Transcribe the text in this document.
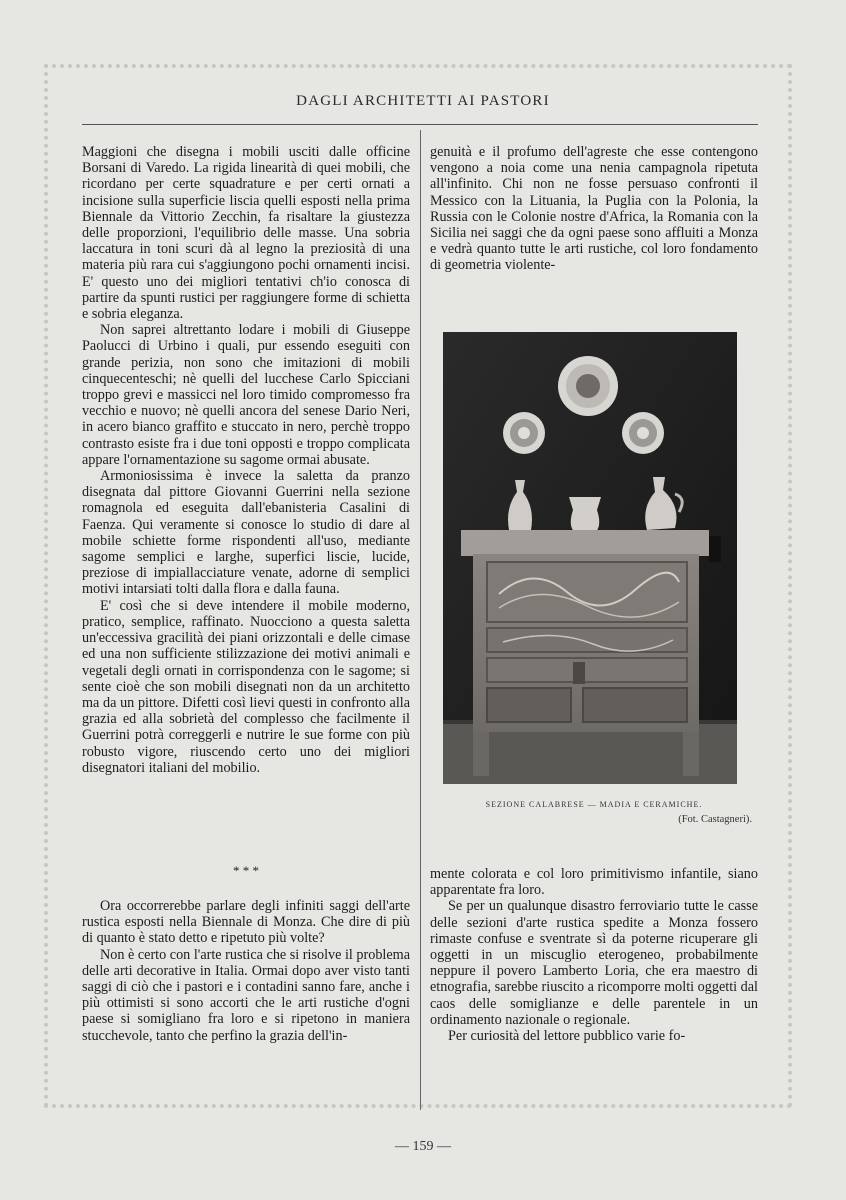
DAGLI ARCHITETTI AI PASTORI

Maggioni che disegna i mobili usciti dalle officine Borsani di Varedo. La rigida linearità di quei mobili, che ricordano per certe squadrature e per certi ornati a incisione sulla superficie liscia quelli esposti nella prima Biennale da Vittorio Zecchin, fa risaltare la giustezza delle proporzioni, l'equilibrio delle masse. Una sobria laccatura in toni scuri dà al legno la preziosità di una materia più rara cui s'aggiungono pochi ornamenti incisi. E' questo uno dei migliori tentativi ch'io conosca di partire da spunti rustici per raggiungere forme di schietta e sobria eleganza.

Non saprei altrettanto lodare i mobili di Giuseppe Paolucci di Urbino i quali, pur essendo eseguiti con grande perizia, non sono che imitazioni di mobili cinquecenteschi; nè quelli del lucchese Carlo Spicciani troppo grevi e massicci nel loro timido compromesso fra vecchio e nuovo; nè quelli ancora del senese Dario Neri, in acero bianco graffito e stuccato in nero, perchè troppo contrasto esiste fra i due toni opposti e troppo complicata appare l'ornamentazione su sagome ormai abusate.

Armoniosissima è invece la saletta da pranzo disegnata dal pittore Giovanni Guerrini nella sezione romagnola ed eseguita dall'ebanisteria Casalini di Faenza. Qui veramente si conosce lo studio di dare al mobile schiette forme rispondenti all'uso, mediante sagome semplici e larghe, superfici liscie, lucide, preziose di impiallacciature venate, adorne di semplici motivi intarsiati tolti dalla flora e dalla fauna.

E' così che si deve intendere il mobile moderno, pratico, semplice, raffinato. Nuocciono a questa saletta un'eccessiva gracilità dei piani orizzontali e delle cimase ed una non sufficiente stilizzazione dei motivi animali e vegetali degli ornati in corrispondenza con le sagome; si sente cioè che son mobili disegnati non da un architetto ma da un pittore. Difetti così lievi questi in confronto alla grazia ed alla sobrietà del complesso che facilmente il Guerrini potrà correggerli e nutrire le sue forme con più robusto vigore, riuscendo certo uno dei migliori disegnatori italiani del mobilio.

* * *

Ora occorrerebbe parlare degli infiniti saggi dell'arte rustica esposti nella Biennale di Monza. Che dire di più di quanto è stato detto e ripetuto più volte?

Non è certo con l'arte rustica che si risolve il problema delle arti decorative in Italia. Ormai dopo aver visto tanti saggi di ciò che i pastori e i contadini sanno fare, anche i più ottimisti si sono accorti che le arti rustiche d'ogni paese si somigliano fra loro e si ripetono in maniera stucchevole, tanto che perfino la grazia dell'in-

genuità e il profumo dell'agreste che esse contengono vengono a noia come una nenia campagnola ripetuta all'infinito. Chi non ne fosse persuaso confronti il Messico con la Lituania, la Puglia con la Polonia, la Russia con le Colonie nostre d'Africa, la Romania con la Sicilia nei saggi che da ogni paese sono affluiti a Monza e vedrà quanto tutte le arti rustiche, col loro fondamento di geometria violente-

SEZIONE CALABRESE — MADIA E CERAMICHE.
(Fot. Castagneri).

mente colorata e col loro primitivismo infantile, siano apparentate fra loro.

Se per un qualunque disastro ferroviario tutte le casse delle sezioni d'arte rustica spedite a Monza fossero rimaste confuse e sventrate sì da poterne ricuperare gli oggetti in un miscuglio eterogeneo, probabilmente neppure il povero Lamberto Loria, che era maestro di etnografia, sarebbe riuscito a ricomporre molti oggetti dal caos delle somiglianze e delle parentele in un ordinamento nazionale o regionale.

Per curiosità del lettore pubblico varie fo-

— 159 —
